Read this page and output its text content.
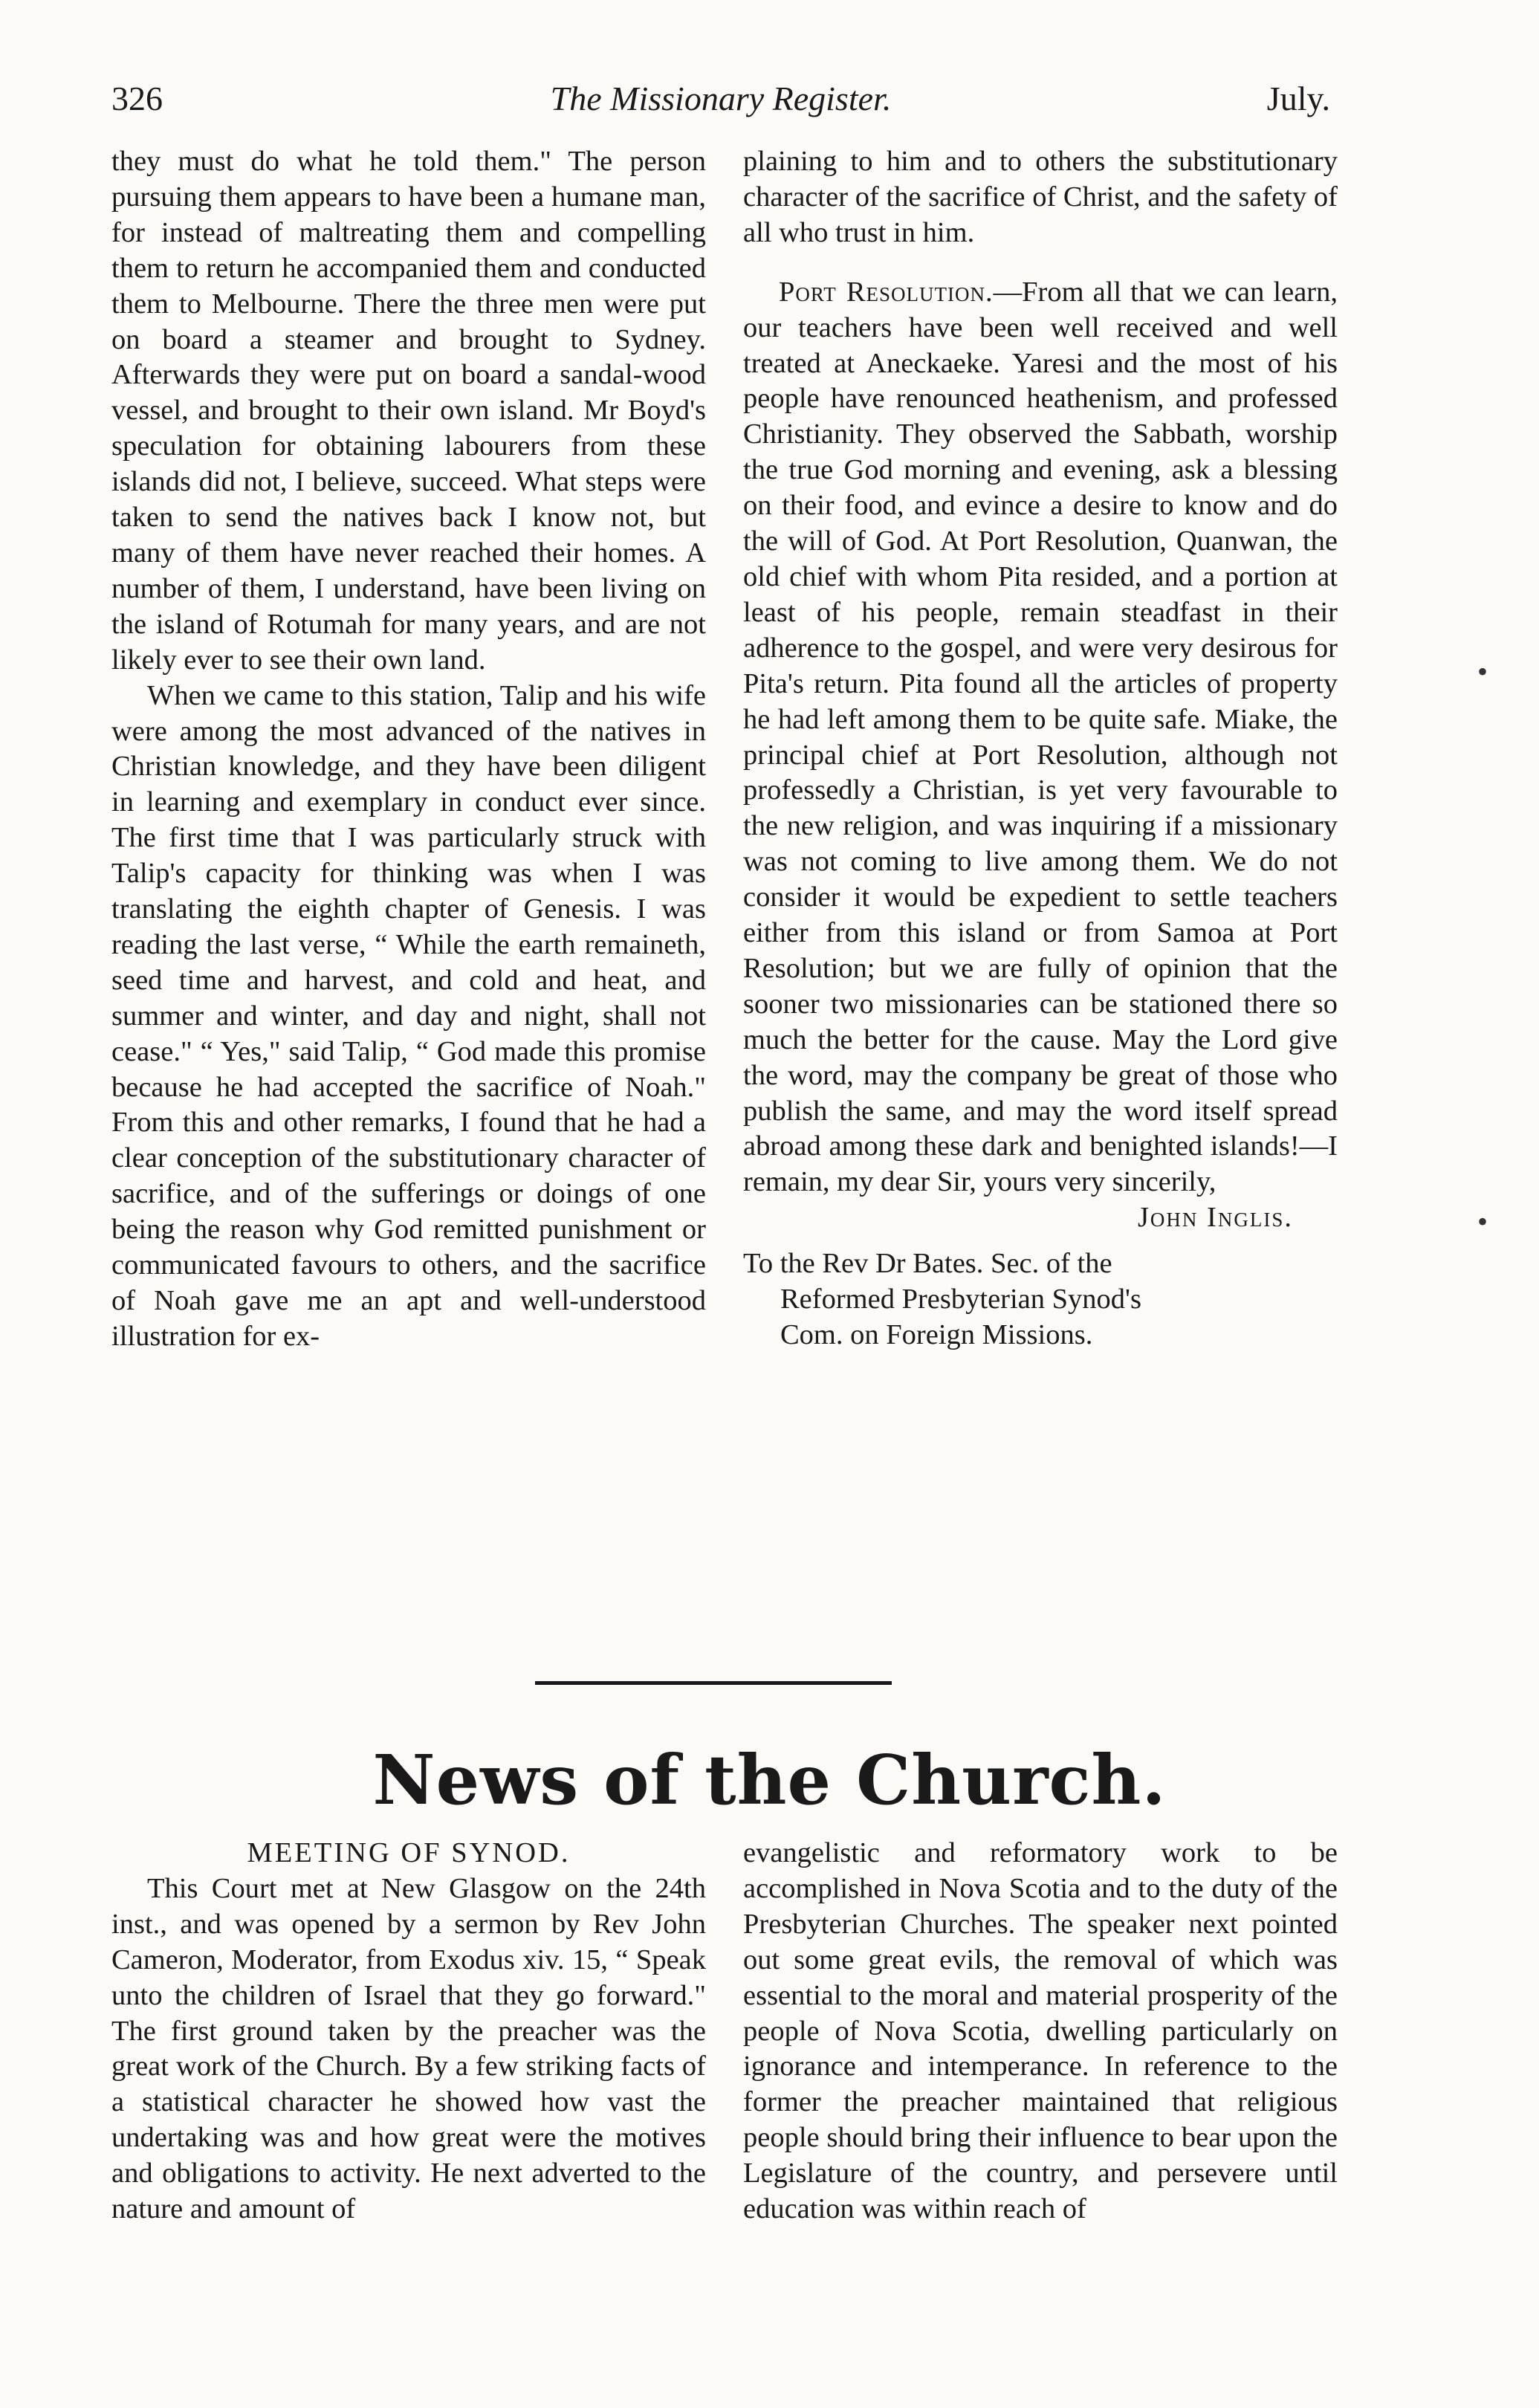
326	The Missionary Register.	July.

they must do what he told them." The person pursuing them appears to have been a humane man, for instead of maltreating them and compelling them to return he accompanied them and conducted them to Melbourne. There the three men were put on board a steamer and brought to Sydney. Afterwards they were put on board a sandal-wood vessel, and brought to their own island. Mr Boyd's speculation for obtaining labourers from these islands did not, I believe, succeed. What steps were taken to send the natives back I know not, but many of them have never reached their homes. A number of them, I understand, have been living on the island of Rotumah for many years, and are not likely ever to see their own land.

When we came to this station, Talip and his wife were among the most advanced of the natives in Christian knowledge, and they have been diligent in learning and exemplary in conduct ever since. The first time that I was particularly struck with Talip's capacity for thinking was when I was translating the eighth chapter of Genesis. I was reading the last verse, “ While the earth remaineth, seed time and harvest, and cold and heat, and summer and winter, and day and night, shall not cease." “ Yes," said Talip, “ God made this promise because he had accepted the sacrifice of Noah." From this and other remarks, I found that he had a clear conception of the substitutionary character of sacrifice, and of the sufferings or doings of one being the reason why God remitted punishment or communicated favours to others, and the sacrifice of Noah gave me an apt and well-understood illustration for ex-

plaining to him and to others the substitutionary character of the sacrifice of Christ, and the safety of all who trust in him.

Port Resolution.—From all that we can learn, our teachers have been well received and well treated at Aneckaeke. Yaresi and the most of his people have renounced heathenism, and professed Christianity. They observed the Sabbath, worship the true God morning and evening, ask a blessing on their food, and evince a desire to know and do the will of God. At Port Resolution, Quanwan, the old chief with whom Pita resided, and a portion at least of his people, remain steadfast in their adherence to the gospel, and were very desirous for Pita's return. Pita found all the articles of property he had left among them to be quite safe. Miake, the principal chief at Port Resolution, although not professedly a Christian, is yet very favourable to the new religion, and was inquiring if a missionary was not coming to live among them. We do not consider it would be expedient to settle teachers either from this island or from Samoa at Port Resolution; but we are fully of opinion that the sooner two missionaries can be stationed there so much the better for the cause. May the Lord give the word, may the company be great of those who publish the same, and may the word itself spread abroad among these dark and benighted islands!—I remain, my dear Sir, yours very sincerily,

John Inglis.

To the Rev Dr Bates. Sec. of the

Reformed Presbyterian Synod's

Com. on Foreign Missions.

•
•
News of the Church.

MEETING OF SYNOD.

This Court met at New Glasgow on the 24th inst., and was opened by a sermon by Rev John Cameron, Moderator, from Exodus xiv. 15, “ Speak unto the children of Israel that they go forward." The first ground taken by the preacher was the great work of the Church. By a few striking facts of a statistical character he showed how vast the undertaking was and how great were the motives and obligations to activity. He next adverted to the nature and amount of

evangelistic and reformatory work to be accomplished in Nova Scotia and to the duty of the Presbyterian Churches. The speaker next pointed out some great evils, the removal of which was essential to the moral and material prosperity of the people of Nova Scotia, dwelling particularly on ignorance and intemperance. In reference to the former the preacher maintained that religious people should bring their influence to bear upon the Legislature of the country, and persevere until education was within reach of
